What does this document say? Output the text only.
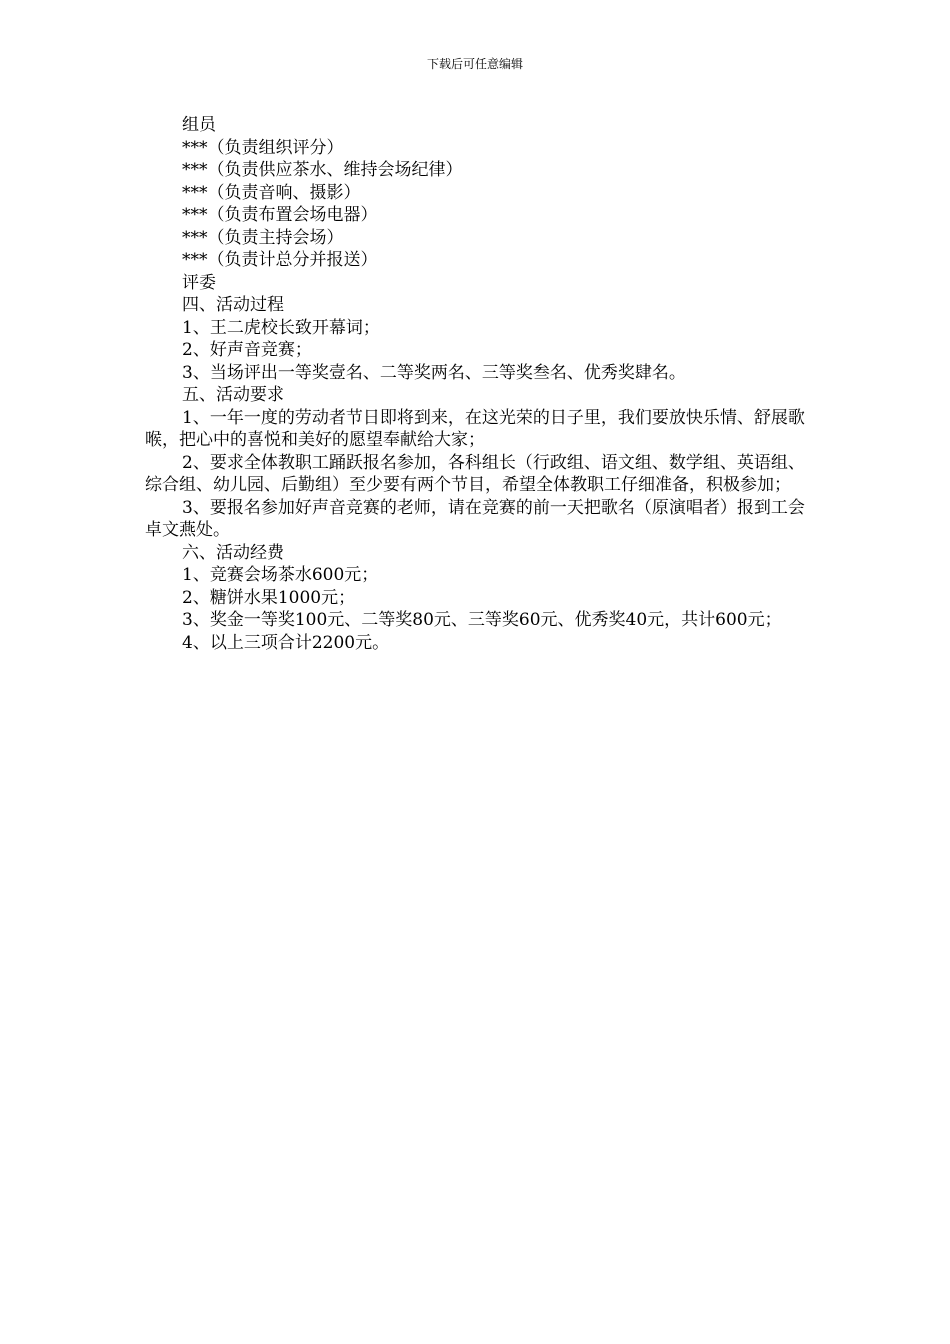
下载后可任意编辑

组员

***（负责组织评分）

***（负责供应茶水、维持会场纪律）

***（负责音响、摄影）

***（负责布置会场电器）

***（负责主持会场）

***（负责计总分并报送）

评委

四、活动过程

1、王二虎校长致开幕词；

2、好声音竞赛；

3、当场评出一等奖壹名、二等奖两名、三等奖叁名、优秀奖肆名。

五、活动要求

1、一年一度的劳动者节日即将到来，在这光荣的日子里，我们要放快乐情、舒展歌喉，把心中的喜悦和美好的愿望奉献给大家；

2、要求全体教职工踊跃报名参加，各科组长（行政组、语文组、数学组、英语组、综合组、幼儿园、后勤组）至少要有两个节目，希望全体教职工仔细准备，积极参加；

3、要报名参加好声音竞赛的老师，请在竞赛的前一天把歌名（原演唱者）报到工会卓文燕处。

六、活动经费

1、竞赛会场茶水600元；

2、糖饼水果1000元；

3、奖金一等奖100元、二等奖80元、三等奖60元、优秀奖40元，共计600元；

4、以上三项合计2200元。
